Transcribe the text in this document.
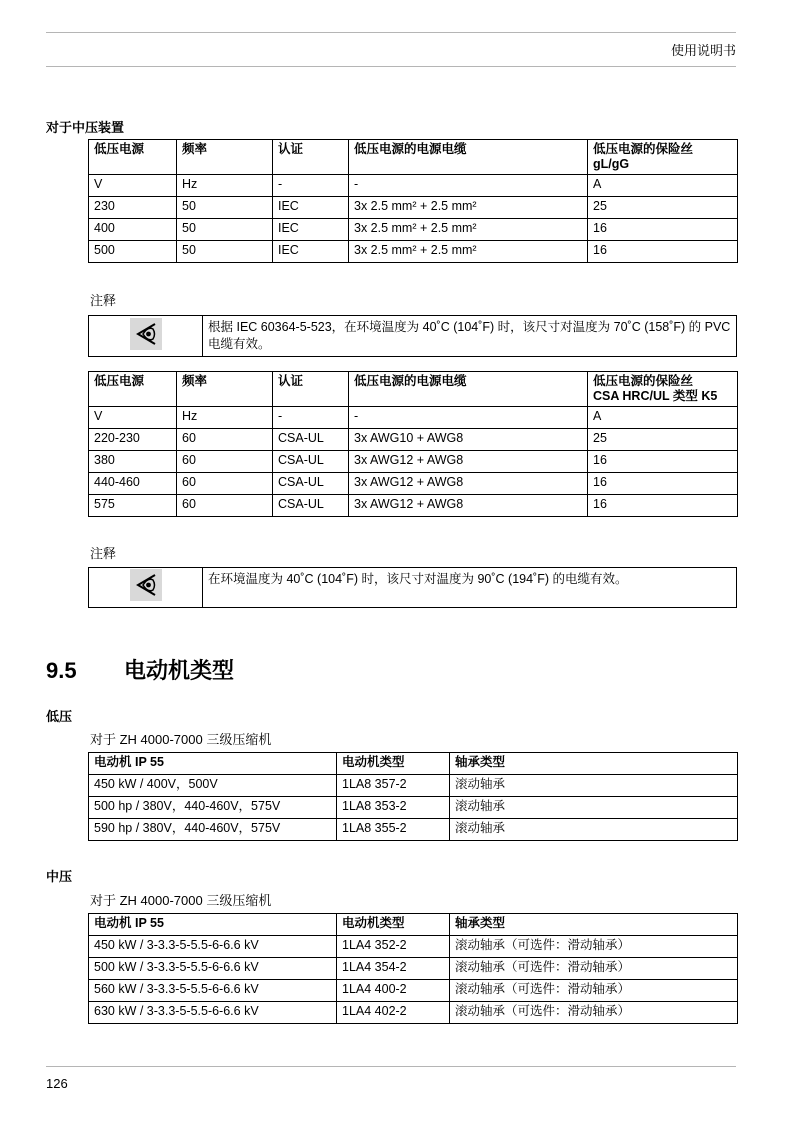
使用说明书
对于中压装置
低压电源	频率	认证	低压电源的电源电缆	低压电源的保险丝
gL/gG
V	Hz	-	-	A
230	50	IEC	3x 2.5 mm² + 2.5 mm²	25
400	50	IEC	3x 2.5 mm² + 2.5 mm²	16
500	50	IEC	3x 2.5 mm² + 2.5 mm²	16
注释
	根据 IEC 60364-5-523，在环境温度为 40˚C (104˚F) 时，该尺寸对温度为 70˚C (158˚F) 的 PVC 电缆有效。
低压电源	频率	认证	低压电源的电源电缆	低压电源的保险丝
CSA HRC/UL 类型 K5
V	Hz	-	-	A
220-230	60	CSA-UL	3x AWG10 + AWG8	25
380	60	CSA-UL	3x AWG12 + AWG8	16
440-460	60	CSA-UL	3x AWG12 + AWG8	16
575	60	CSA-UL	3x AWG12 + AWG8	16
注释
	在环境温度为 40˚C (104˚F) 时，该尺寸对温度为 90˚C (194˚F) 的电缆有效。
9.5 电动机类型
低压
对于 ZH 4000-7000 三级压缩机
电动机 IP 55	电动机类型	轴承类型
450 kW / 400V，500V	1LA8 357-2	滚动轴承
500 hp / 380V，440-460V，575V	1LA8 353-2	滚动轴承
590 hp / 380V，440-460V，575V	1LA8 355-2	滚动轴承
中压
对于 ZH 4000-7000 三级压缩机
电动机 IP 55	电动机类型	轴承类型
450 kW / 3-3.3-5-5.5-6-6.6 kV	1LA4 352-2	滚动轴承（可选件：滑动轴承）
500 kW / 3-3.3-5-5.5-6-6.6 kV	1LA4 354-2	滚动轴承（可选件：滑动轴承）
560 kW / 3-3.3-5-5.5-6-6.6 kV	1LA4 400-2	滚动轴承（可选件：滑动轴承）
630 kW / 3-3.3-5-5.5-6-6.6 kV	1LA4 402-2	滚动轴承（可选件：滑动轴承）
126
